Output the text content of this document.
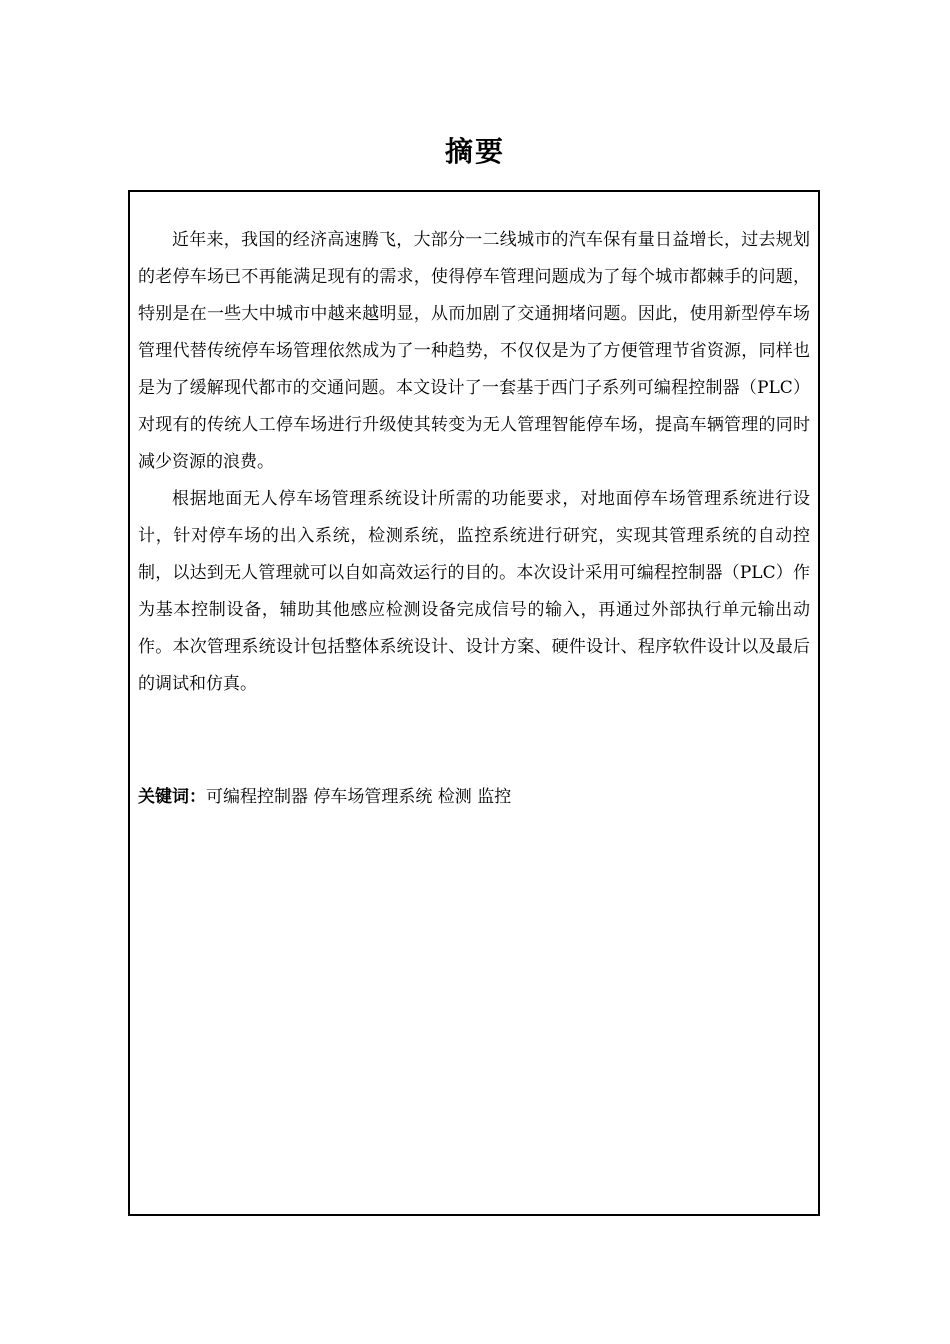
摘要

近年来，我国的经济高速腾飞，大部分一二线城市的汽车保有量日益增长，过去规划的老停车场已不再能满足现有的需求，使得停车管理问题成为了每个城市都棘手的问题，特别是在一些大中城市中越来越明显，从而加剧了交通拥堵问题。因此，使用新型停车场管理代替传统停车场管理依然成为了一种趋势，不仅仅是为了方便管理节省资源，同样也是为了缓解现代都市的交通问题。本文设计了一套基于西门子系列可编程控制器（PLC）对现有的传统人工停车场进行升级使其转变为无人管理智能停车场，提高车辆管理的同时减少资源的浪费。

根据地面无人停车场管理系统设计所需的功能要求，对地面停车场管理系统进行设计，针对停车场的出入系统，检测系统，监控系统进行研究，实现其管理系统的自动控制，以达到无人管理就可以自如高效运行的目的。本次设计采用可编程控制器（PLC）作为基本控制设备，辅助其他感应检测设备完成信号的输入，再通过外部执行单元输出动作。本次管理系统设计包括整体系统设计、设计方案、硬件设计、程序软件设计以及最后的调试和仿真。

关键词：可编程控制器 停车场管理系统 检测 监控
